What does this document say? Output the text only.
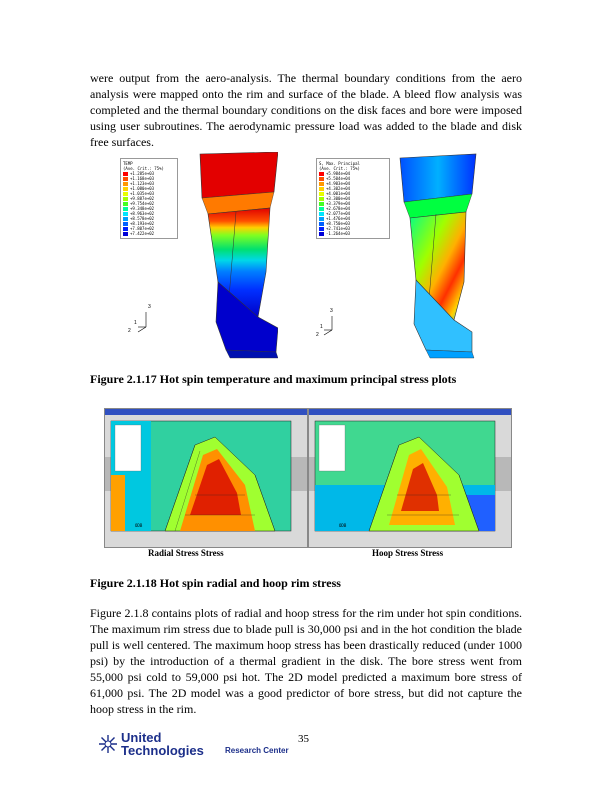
were output from the aero-analysis. The thermal boundary conditions from the aero analysis were mapped onto the rim and surface of the blade. A bleed flow analysis was completed and the thermal boundary conditions on the disk faces and bore were imposed using user subroutines. The aerodynamic pressure load was added to the blade and disk free surfaces.

3
1
2
TEMP
(Ave. Crit.: 75%)
+1.285e+03
+1.168e+03
+1.123e+03
+1.080e+03
+1.035e+03
+9.887e+02
+9.754e+02
+9.348e+02
+8.963e+02
+8.578e+02
+8.193e+02
+7.807e+02
+7.422e+02
3
1
2
S, Max. Principal
(Ave. Crit.: 75%)
+5.984e+04
+5.504e+04
+4.903e+04
+4.302e+04
+4.001e+04
+3.300e+04
+3.379e+04
+2.678e+04
+2.077e+04
+1.476e+04
+8.750e+03
+2.741e+03
-1.264e+03

Figure 2.1.17 Hot spin temperature and maximum principal stress plots

ODB	ODB
Radial Stress Stress	Hoop Stress Stress

Figure 2.1.18 Hot spin radial and hoop rim stress

Figure 2.1.8 contains plots of radial and hoop stress for the rim under hot spin conditions. The maximum rim stress due to blade pull is 30,000 psi and in the hot condition the blade pull is well centered. The maximum hoop stress has been drastically reduced (under 1000 psi) by the introduction of a thermal gradient in the disk. The bore stress went from 55,000 psi cold to 59,000 psi hot. The 2D model predicted a maximum bore stress of 61,000 psi. The 2D model was a good predictor of bore stress, but did not capture the hoop stress in the rim.

35
United
Technologies	Research Center
